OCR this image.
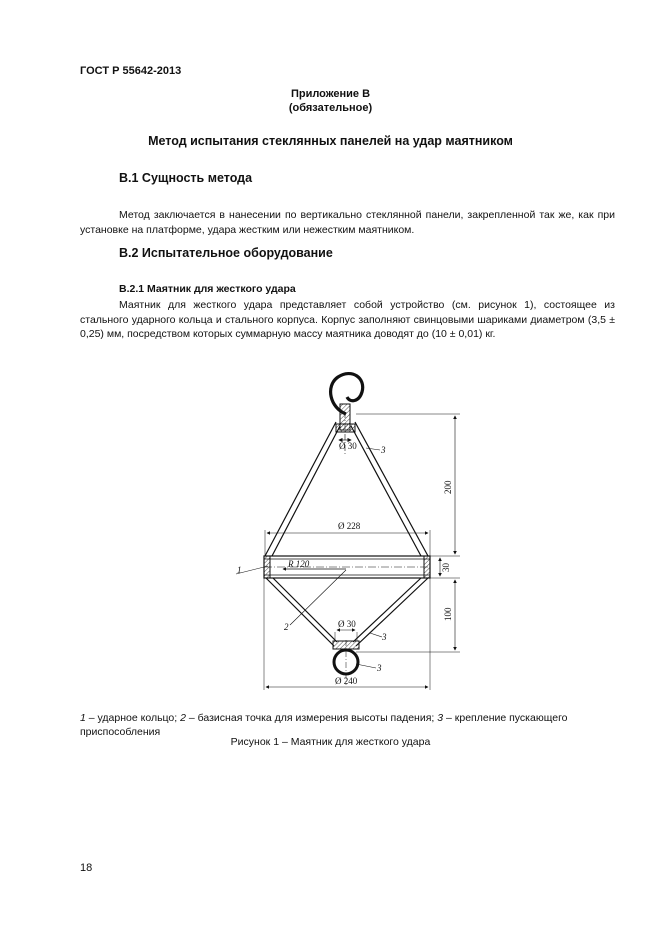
ГОСТ Р 55642-2013
Приложение В
(обязательное)
Метод испытания стеклянных панелей на удар маятником
В.1 Сущность метода

Метод заключается в нанесении по вертикально стеклянной панели, закрепленной так же, как при установке на платформе, удара жестким или нежестким маятником.

В.2 Испытательное оборудование
В.2.1 Маятник для жесткого удара

Маятник для жесткого удара представляет собой устройство (см. рисунок 1), состоящее из стального ударного кольца и стального корпуса. Корпус заполняют свинцовыми шариками диаметром (3,5 ± 0,25) мм, посредством которых суммарную массу маятника доводят до (10 ± 0,01) кг.

Ø 30
Ø 228
R 120
Ø 30
Ø 240
200
30
100
1
2
3
3
3

1 – ударное кольцо; 2 – базисная точка для измерения высоты падения; 3 – крепление пускающего приспособления

Рисунок 1 – Маятник для жесткого удара
18
